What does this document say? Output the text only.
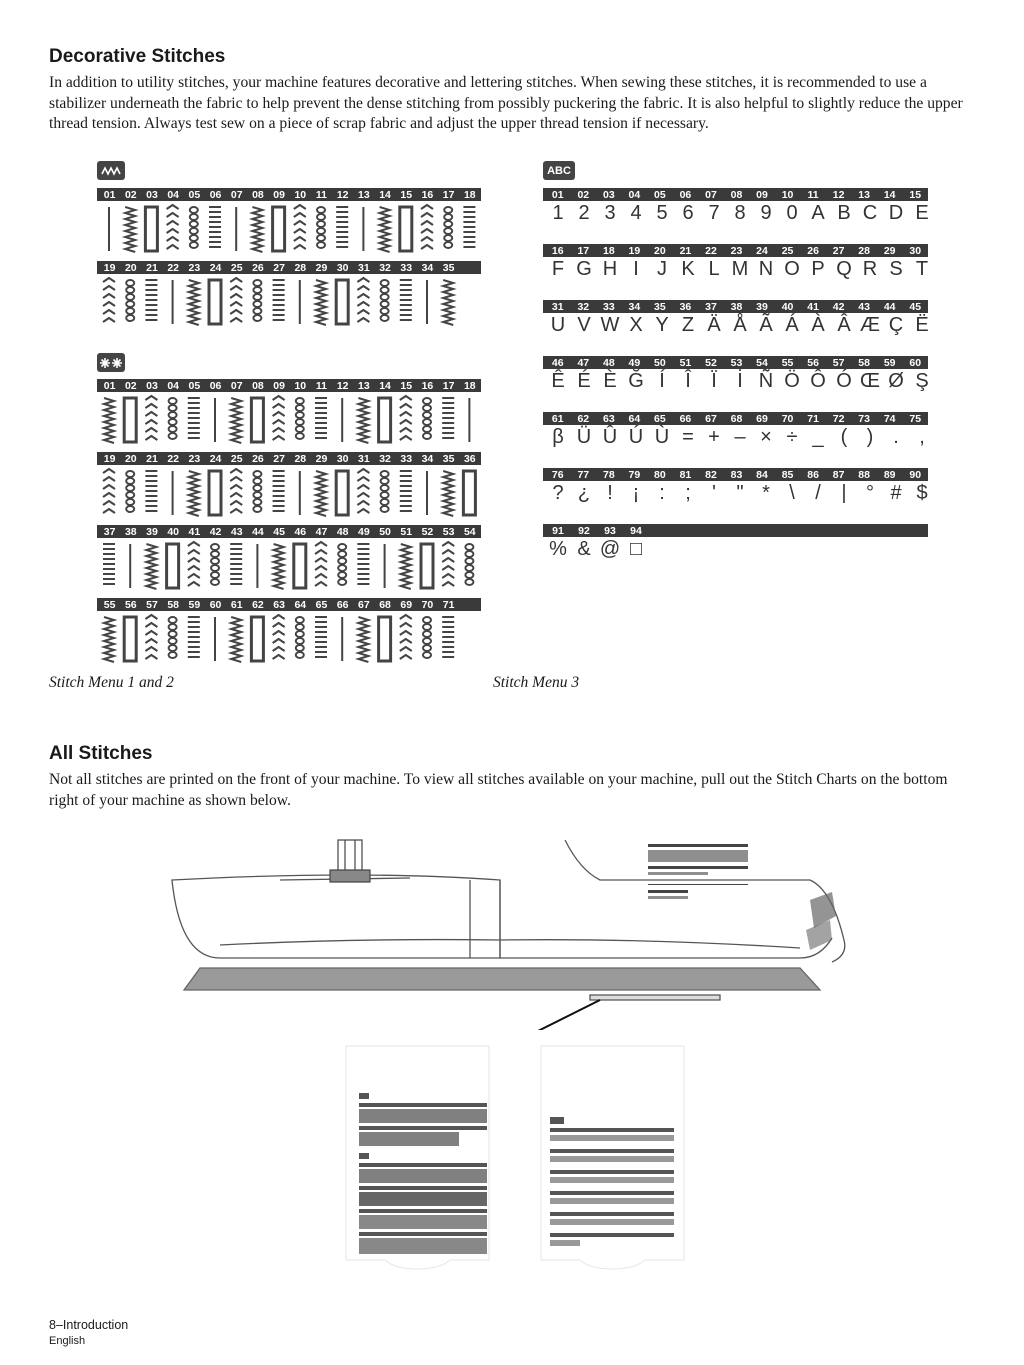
Decorative Stitches

In addition to utility stitches, your machine features decorative and lettering stitches. When sewing these stitches, it is recommended to use a stabilizer underneath the fabric to help prevent the dense stitching from possibly puckering the fabric. It is also helpful to slightly reduce the upper thread tension. Always test sew on a piece of scrap fabric and adjust the upper thread tension if necessary.

01 02 03 04 05 06 07 08 09 10 11 12 13 14 15 16 17 18
19 20 21 22 23 24 25 26 27 28 29 30 31 32 33 34 35
01 02 03 04 05 06 07 08 09 10 11 12 13 14 15 16 17 18
19 20 21 22 23 24 25 26 27 28 29 30 31 32 33 34 35 36
37 38 39 40 41 42 43 44 45 46 47 48 49 50 51 52 53 54
55 56 57 58 59 60 61 62 63 64 65 66 67 68 69 70 71
Stitch Menu 1 and 2
ABC
01	02	03	04	05	06	07	08	09	10	11	12	13	14	15
1 2 3 4 5 6 7 8 9 0 A B C D E
16	17	18	19	20	21	22	23	24	25	26	27	28	29	30
F G H I J K L M N O P Q R S T
31	32	33	34	35	36	37	38	39	40	41	42	43	44	45
U V W X Y Z Ä Å Ã Á À Â Æ Ç Ë
46	47	48	49	50	51	52	53	54	55	56	57	58	59	60
Ê É È Ğ Í	Î	Ï	İ Ñ Ö Ô Ó Œ Ø Ş
61	62	63	64	65	66	67	68	69	70	71	72	73	74	75
β Ü Û Ú Ù = + – × ÷ _ ( ) .	,
76	77	78	79	80	81	82	83	84	85	86	87	88	89	90
? ¿ ! ¡ :	;	'	" * \	/	| ° # $
91	92	93	94
% & @ □
Stitch Menu 3
All Stitches

Not all stitches are printed on the front of your machine. To view all stitches available on your machine, pull out the Stitch Charts on the bottom right of your machine as shown below.

8–Introduction
English
